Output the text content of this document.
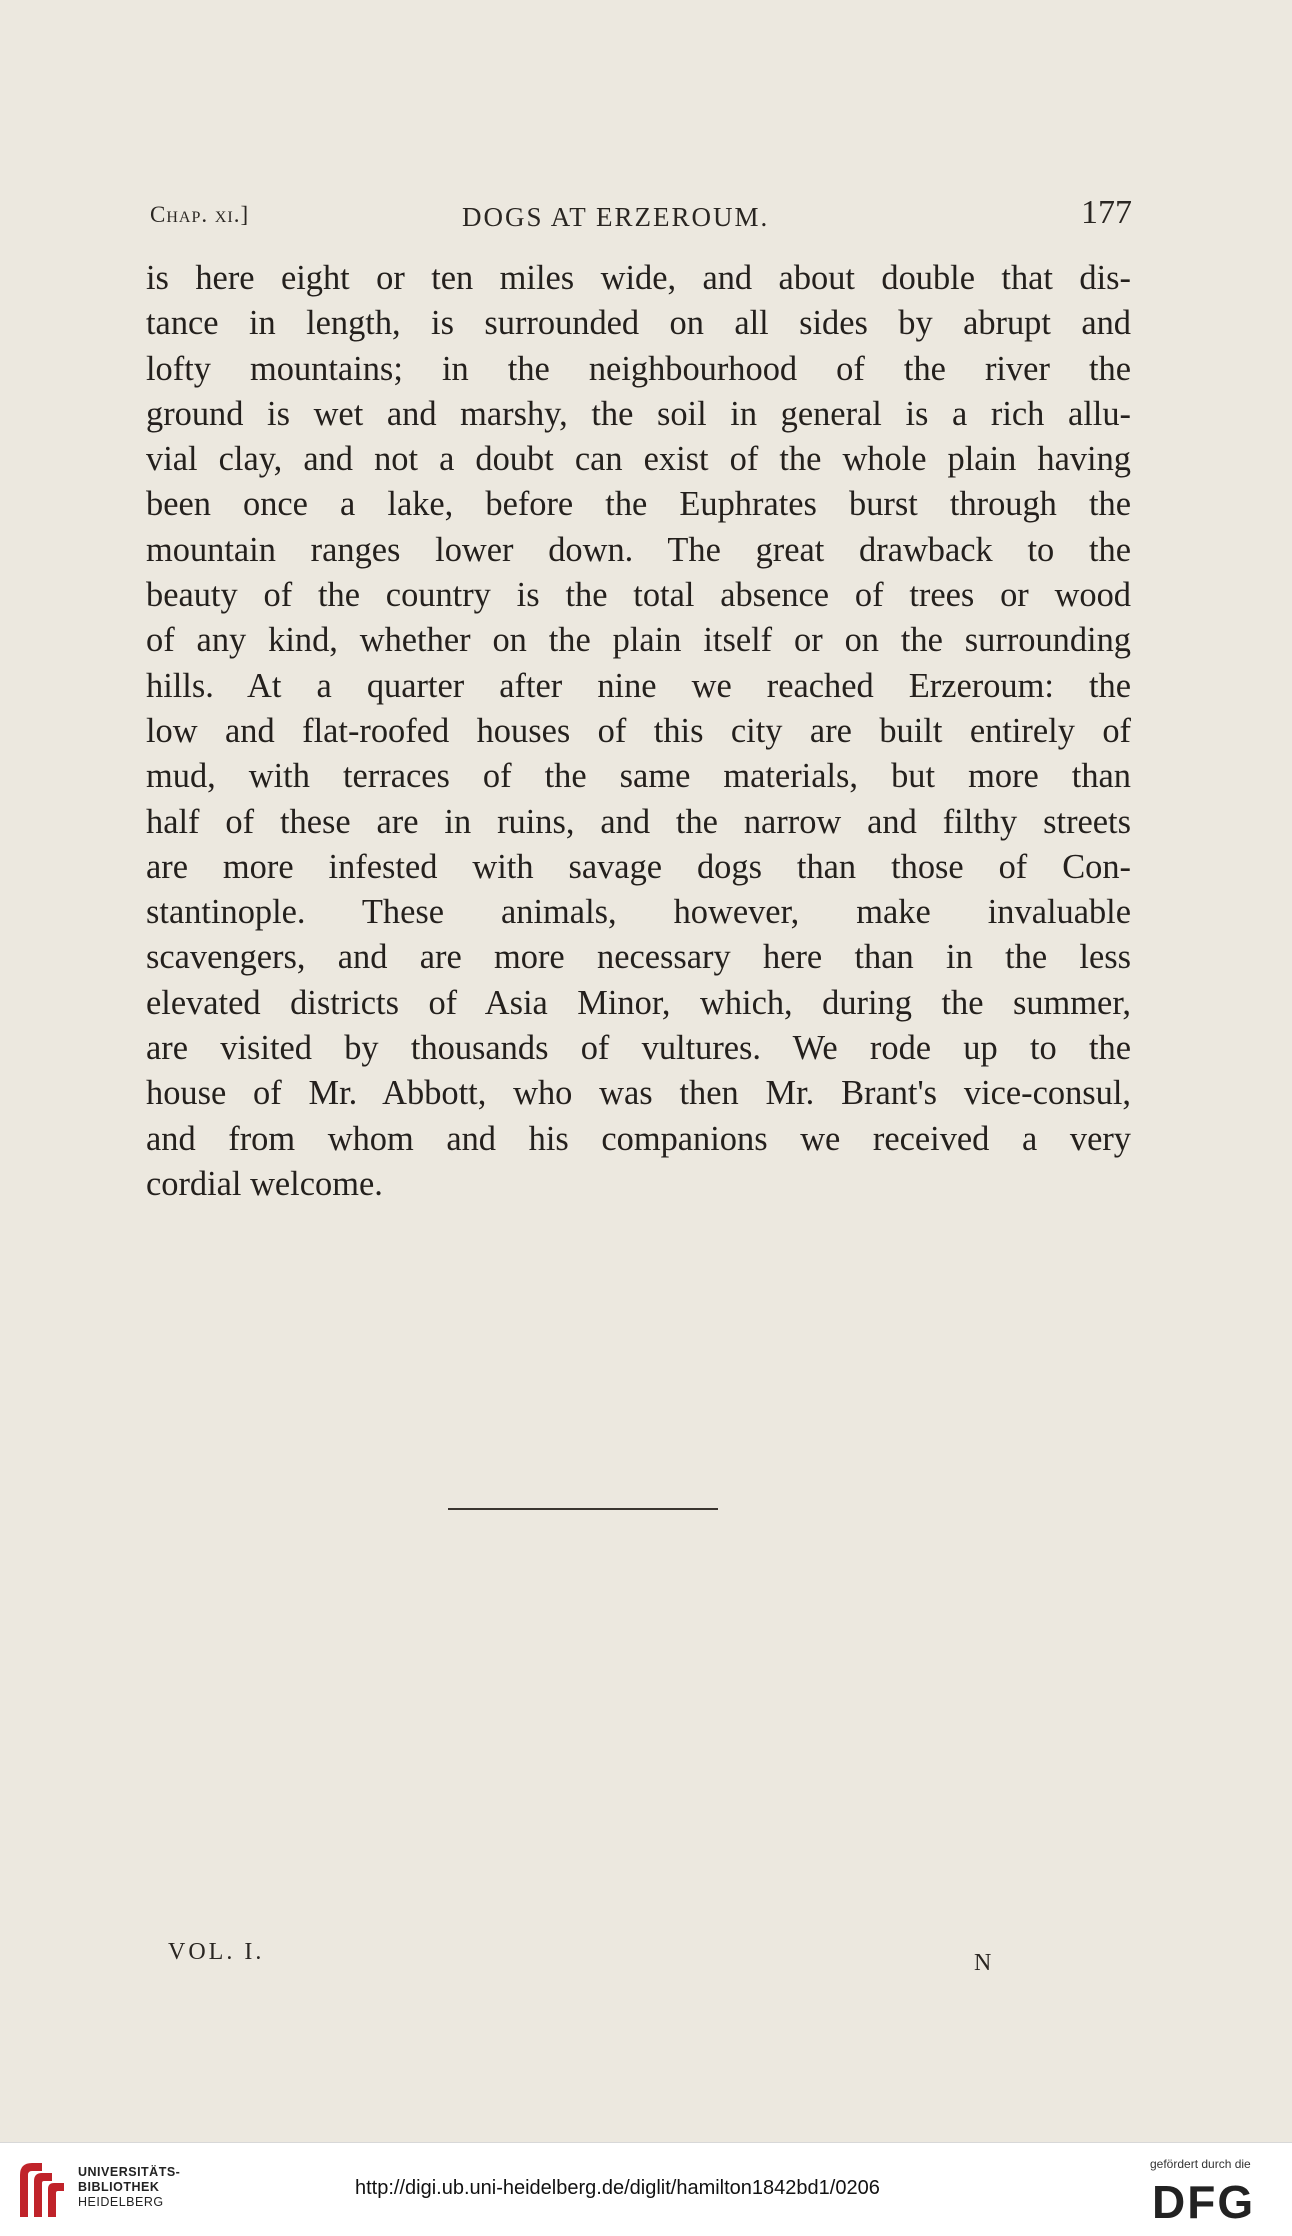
Chap. xi.]	DOGS AT ERZEROUM.	177
is here eight or ten miles wide, and about double that dis-
tance in length, is surrounded on all sides by abrupt and
lofty mountains; in the neighbourhood of the river the
ground is wet and marshy, the soil in general is a rich allu-
vial clay, and not a doubt can exist of the whole plain having
been once a lake, before the Euphrates burst through the
mountain ranges lower down. The great drawback to the
beauty of the country is the total absence of trees or wood
of any kind, whether on the plain itself or on the surrounding
hills. At a quarter after nine we reached Erzeroum: the
low and flat-roofed houses of this city are built entirely of
mud, with terraces of the same materials, but more than
half of these are in ruins, and the narrow and filthy streets
are more infested with savage dogs than those of Con-
stantinople. These animals, however, make invaluable
scavengers, and are more necessary here than in the less
elevated districts of Asia Minor, which, during the summer,
are visited by thousands of vultures. We rode up to the
house of Mr. Abbott, who was then Mr. Brant's vice-consul,
and from whom and his companions we received a very
cordial welcome.
VOL. I.	N
UNIVERSITÄTS-
BIBLIOTHEK
HEIDELBERG
http://digi.ub.uni-heidelberg.de/diglit/hamilton1842bd1/0206
gefördert durch die
DFG
